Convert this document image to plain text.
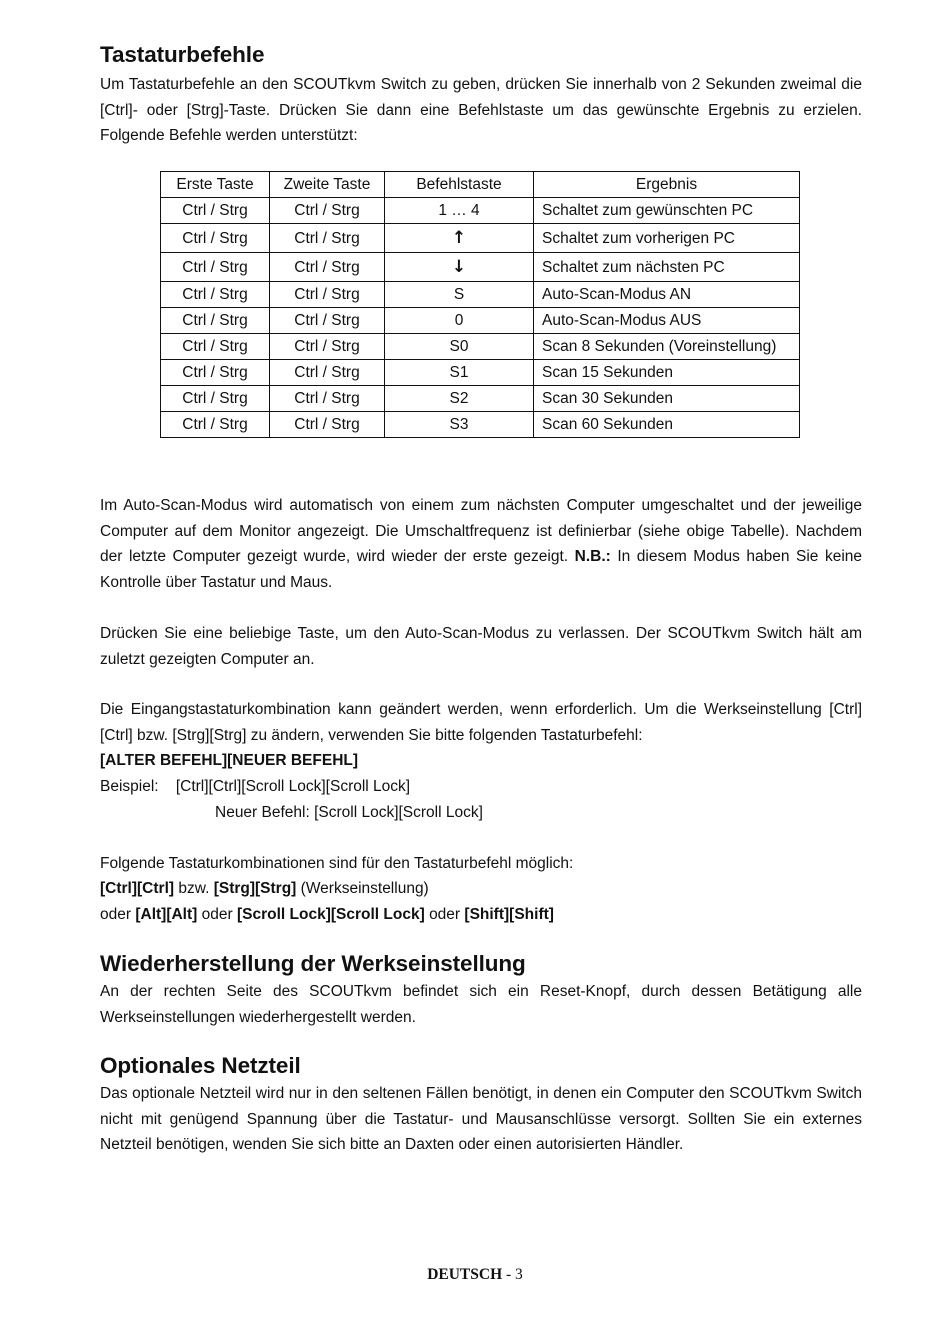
Tastaturbefehle

Um Tastaturbefehle an den SCOUTkvm Switch zu geben, drücken Sie innerhalb von 2 Sekunden zweimal die [Ctrl]- oder [Strg]-Taste. Drücken Sie dann eine Befehlstaste um das gewünschte Ergebnis zu erzielen. Folgende Befehle werden unterstützt:

Erste Taste	Zweite Taste	Befehlstaste	Ergebnis
Ctrl / Strg	Ctrl / Strg	1 … 4	Schaltet zum gewünschten PC
Ctrl / Strg	Ctrl / Strg	↑	Schaltet zum vorherigen PC
Ctrl / Strg	Ctrl / Strg	↓	Schaltet zum nächsten PC
Ctrl / Strg	Ctrl / Strg	S	Auto-Scan-Modus AN
Ctrl / Strg	Ctrl / Strg	0	Auto-Scan-Modus AUS
Ctrl / Strg	Ctrl / Strg	S0	Scan 8 Sekunden (Voreinstellung)
Ctrl / Strg	Ctrl / Strg	S1	Scan 15 Sekunden
Ctrl / Strg	Ctrl / Strg	S2	Scan 30 Sekunden
Ctrl / Strg	Ctrl / Strg	S3	Scan 60 Sekunden

Im Auto-Scan-Modus wird automatisch von einem zum nächsten Computer umgeschaltet und der jeweilige Computer auf dem Monitor angezeigt. Die Umschaltfrequenz ist definierbar (siehe obige Tabelle). Nachdem der letzte Computer gezeigt wurde, wird wieder der erste gezeigt. N.B.: In diesem Modus haben Sie keine Kontrolle über Tastatur und Maus.

Drücken Sie eine beliebige Taste, um den Auto-Scan-Modus zu verlassen. Der SCOUTkvm Switch hält am zuletzt gezeigten Computer an.

Die Eingangstastaturkombination kann geändert werden, wenn erforderlich. Um die Werkseinstellung [Ctrl][Ctrl] bzw. [Strg][Strg] zu ändern, verwenden Sie bitte folgenden Tastaturbefehl:

[ALTER BEFEHL][NEUER BEFEHL]

Beispiel: [Ctrl][Ctrl][Scroll Lock][Scroll Lock]

Neuer Befehl: [Scroll Lock][Scroll Lock]

Folgende Tastaturkombinationen sind für den Tastaturbefehl möglich:

[Ctrl][Ctrl] bzw. [Strg][Strg] (Werkseinstellung)

oder [Alt][Alt] oder [Scroll Lock][Scroll Lock] oder [Shift][Shift]

Wiederherstellung der Werkseinstellung

An der rechten Seite des SCOUTkvm befindet sich ein Reset-Knopf, durch dessen Betätigung alle Werkseinstellungen wiederhergestellt werden.

Optionales Netzteil

Das optionale Netzteil wird nur in den seltenen Fällen benötigt, in denen ein Computer den SCOUTkvm Switch nicht mit genügend Spannung über die Tastatur- und Mausanschlüsse versorgt. Sollten Sie ein externes Netzteil benötigen, wenden Sie sich bitte an Daxten oder einen autorisierten Händler.

DEUTSCH - 3
